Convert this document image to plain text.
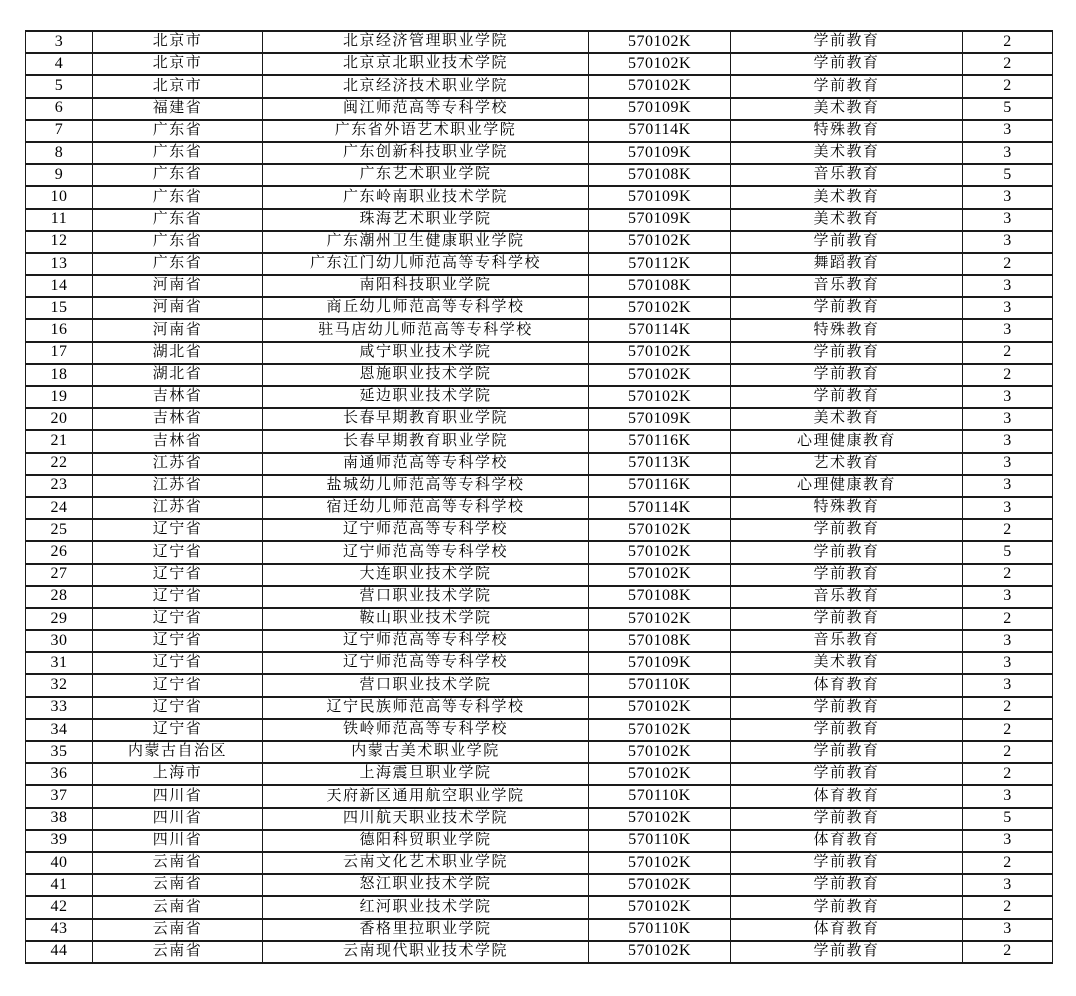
3	北京市	北京经济管理职业学院	570102K	学前教育	2
4	北京市	北京京北职业技术学院	570102K	学前教育	2
5	北京市	北京经济技术职业学院	570102K	学前教育	2
6	福建省	闽江师范高等专科学校	570109K	美术教育	5
7	广东省	广东省外语艺术职业学院	570114K	特殊教育	3
8	广东省	广东创新科技职业学院	570109K	美术教育	3
9	广东省	广东艺术职业学院	570108K	音乐教育	5
10	广东省	广东岭南职业技术学院	570109K	美术教育	3
11	广东省	珠海艺术职业学院	570109K	美术教育	3
12	广东省	广东潮州卫生健康职业学院	570102K	学前教育	3
13	广东省	广东江门幼儿师范高等专科学校	570112K	舞蹈教育	2
14	河南省	南阳科技职业学院	570108K	音乐教育	3
15	河南省	商丘幼儿师范高等专科学校	570102K	学前教育	3
16	河南省	驻马店幼儿师范高等专科学校	570114K	特殊教育	3
17	湖北省	咸宁职业技术学院	570102K	学前教育	2
18	湖北省	恩施职业技术学院	570102K	学前教育	2
19	吉林省	延边职业技术学院	570102K	学前教育	3
20	吉林省	长春早期教育职业学院	570109K	美术教育	3
21	吉林省	长春早期教育职业学院	570116K	心理健康教育	3
22	江苏省	南通师范高等专科学校	570113K	艺术教育	3
23	江苏省	盐城幼儿师范高等专科学校	570116K	心理健康教育	3
24	江苏省	宿迁幼儿师范高等专科学校	570114K	特殊教育	3
25	辽宁省	辽宁师范高等专科学校	570102K	学前教育	2
26	辽宁省	辽宁师范高等专科学校	570102K	学前教育	5
27	辽宁省	大连职业技术学院	570102K	学前教育	2
28	辽宁省	营口职业技术学院	570108K	音乐教育	3
29	辽宁省	鞍山职业技术学院	570102K	学前教育	2
30	辽宁省	辽宁师范高等专科学校	570108K	音乐教育	3
31	辽宁省	辽宁师范高等专科学校	570109K	美术教育	3
32	辽宁省	营口职业技术学院	570110K	体育教育	3
33	辽宁省	辽宁民族师范高等专科学校	570102K	学前教育	2
34	辽宁省	铁岭师范高等专科学校	570102K	学前教育	2
35	内蒙古自治区	内蒙古美术职业学院	570102K	学前教育	2
36	上海市	上海震旦职业学院	570102K	学前教育	2
37	四川省	天府新区通用航空职业学院	570110K	体育教育	3
38	四川省	四川航天职业技术学院	570102K	学前教育	5
39	四川省	德阳科贸职业学院	570110K	体育教育	3
40	云南省	云南文化艺术职业学院	570102K	学前教育	2
41	云南省	怒江职业技术学院	570102K	学前教育	3
42	云南省	红河职业技术学院	570102K	学前教育	2
43	云南省	香格里拉职业学院	570110K	体育教育	3
44	云南省	云南现代职业技术学院	570102K	学前教育	2
